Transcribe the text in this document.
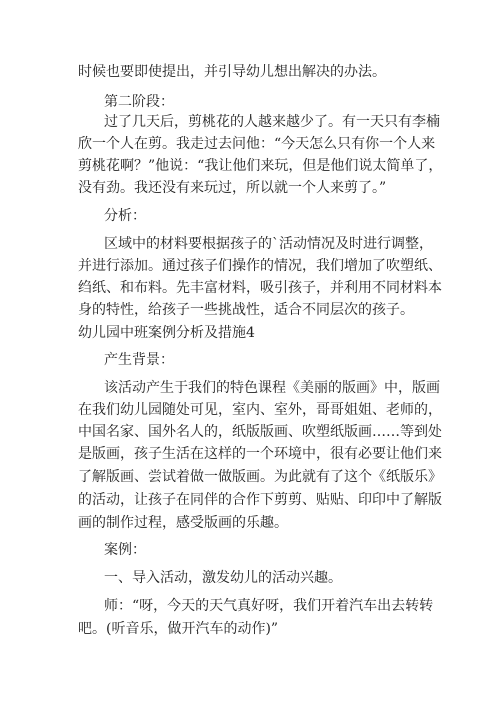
时候也要即使提出，并引导幼儿想出解决的办法。
第二阶段：
过了几天后，剪桃花的人越来越少了。有一天只有李楠
欣一个人在剪。我走过去问他：“今天怎么只有你一个人来
剪桃花啊？”他说：“我让他们来玩，但是他们说太简单了，
没有劲。我还没有来玩过，所以就一个人来剪了。”
分析：
区域中的材料要根据孩子的`活动情况及时进行调整，
并进行添加。通过孩子们操作的情况，我们增加了吹塑纸、
绉纸、和布料。先丰富材料，吸引孩子，并利用不同材料本
身的特性，给孩子一些挑战性，适合不同层次的孩子。
幼儿园中班案例分析及措施4
产生背景：
该活动产生于我们的特色课程《美丽的版画》中，版画
在我们幼儿园随处可见，室内、室外，哥哥姐姐、老师的，
中国名家、国外名人的，纸版版画、吹塑纸版画……等到处
是版画，孩子生活在这样的一个环境中，很有必要让他们来
了解版画、尝试着做一做版画。为此就有了这个《纸版乐》
的活动，让孩子在同伴的合作下剪剪、贴贴、印印中了解版
画的制作过程，感受版画的乐趣。
案例：
一、导入活动，激发幼儿的活动兴趣。
师：“呀，今天的天气真好呀，我们开着汽车出去转转
吧。(听音乐，做开汽车的动作)”
